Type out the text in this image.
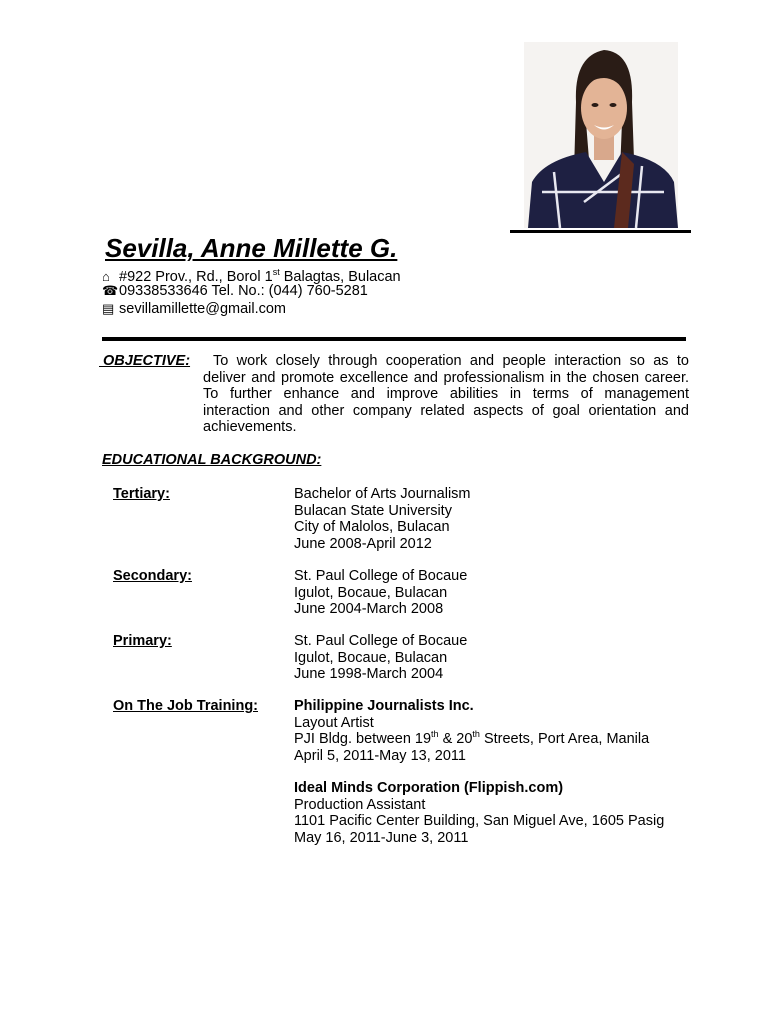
Sevilla, Anne Millette G.
⌂ #922 Prov., Rd., Borol 1st Balagtas, Bulacan
☎09338533646 Tel. No.: (044) 760-5281
▤ sevillamillette@gmail.com
OBJECTIVE:	To work closely through cooperation and people interaction so as to deliver and promote excellence and professionalism in the chosen career. To further enhance and improve abilities in terms of management interaction and other company related aspects of goal orientation and achievements.

EDUCATIONAL BACKGROUND:
Tertiary:	Bachelor of Arts Journalism
Bulacan State University
City of Malolos, Bulacan
June 2008-April 2012
Secondary:	St. Paul College of Bocaue
Igulot, Bocaue, Bulacan
June 2004-March 2008
Primary:	St. Paul College of Bocaue
Igulot, Bocaue, Bulacan
June 1998-March 2004
On The Job Training: Philippine Journalists Inc.
Layout Artist
PJI Bldg. between 19th & 20th Streets, Port Area, Manila
April 5, 2011-May 13, 2011
Ideal Minds Corporation (Flippish.com)
Production Assistant
1101 Pacific Center Building, San Miguel Ave, 1605 Pasig
May 16, 2011-June 3, 2011
